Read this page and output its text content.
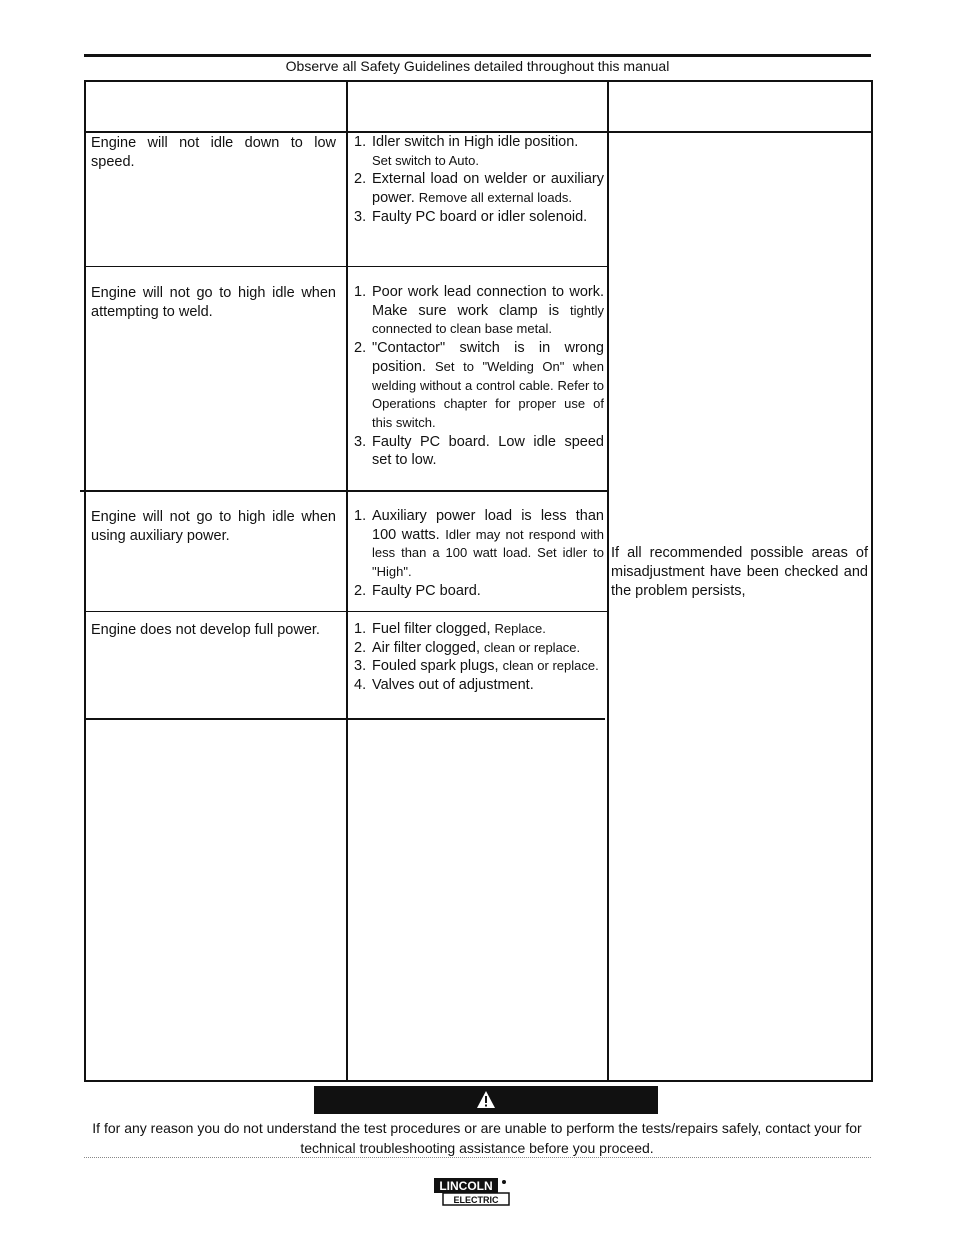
Observe all Safety Guidelines detailed throughout this manual
Engine will not idle down to low speed.
1. Idler switch in High idle position.
Set switch to Auto.
2. External load on welder or auxiliary power. Remove all external loads.
3. Faulty PC board or idler solenoid.
Engine will not go to high idle when attempting to weld.
1. Poor work lead connection to work. Make sure work clamp is tightly connected to clean base metal.
2. "Contactor" switch is in wrong position. Set to "Welding On" when welding without a control cable. Refer to Operations chapter for proper use of this switch.
3. Faulty PC board. Low idle speed set to low.
Engine will not go to high idle when using auxiliary power.
1. Auxiliary power load is less than 100 watts. Idler may not respond with less than a 100 watt load. Set idler to "High".
2. Faulty PC board.
Engine does not develop full power.	1. Fuel filter clogged, Replace.
2. Air filter clogged, clean or replace.
3. Fouled spark plugs, clean or replace.
4. Valves out of adjustment.
If all recommended possible areas of misadjustment have been checked and the problem persists,
If for any reason you do not understand the test procedures or are unable to perform the tests/repairs safely, contact your for technical troubleshooting assistance before you proceed.
LINCOLN
ELECTRIC
